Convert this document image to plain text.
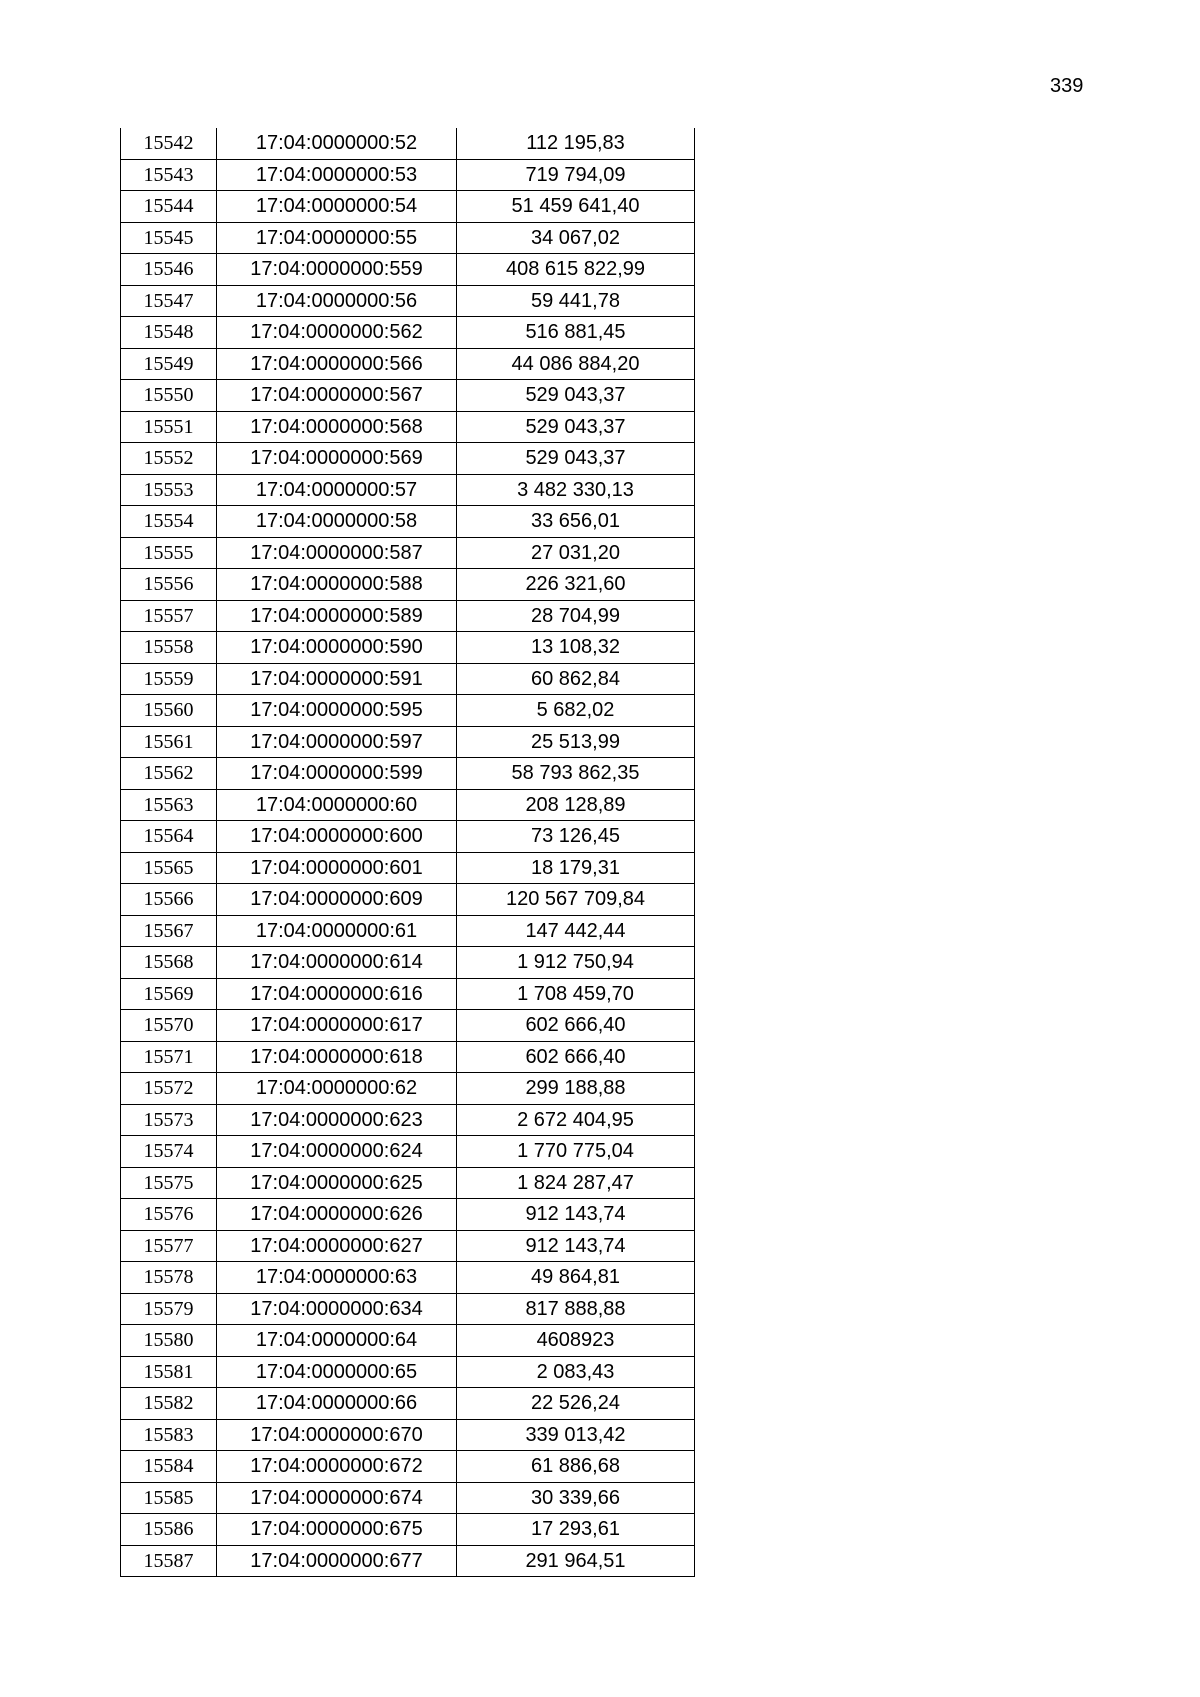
339
15542	17:04:0000000:52	112 195,83
15543	17:04:0000000:53	719 794,09
15544	17:04:0000000:54	51 459 641,40
15545	17:04:0000000:55	34 067,02
15546	17:04:0000000:559	408 615 822,99
15547	17:04:0000000:56	59 441,78
15548	17:04:0000000:562	516 881,45
15549	17:04:0000000:566	44 086 884,20
15550	17:04:0000000:567	529 043,37
15551	17:04:0000000:568	529 043,37
15552	17:04:0000000:569	529 043,37
15553	17:04:0000000:57	3 482 330,13
15554	17:04:0000000:58	33 656,01
15555	17:04:0000000:587	27 031,20
15556	17:04:0000000:588	226 321,60
15557	17:04:0000000:589	28 704,99
15558	17:04:0000000:590	13 108,32
15559	17:04:0000000:591	60 862,84
15560	17:04:0000000:595	5 682,02
15561	17:04:0000000:597	25 513,99
15562	17:04:0000000:599	58 793 862,35
15563	17:04:0000000:60	208 128,89
15564	17:04:0000000:600	73 126,45
15565	17:04:0000000:601	18 179,31
15566	17:04:0000000:609	120 567 709,84
15567	17:04:0000000:61	147 442,44
15568	17:04:0000000:614	1 912 750,94
15569	17:04:0000000:616	1 708 459,70
15570	17:04:0000000:617	602 666,40
15571	17:04:0000000:618	602 666,40
15572	17:04:0000000:62	299 188,88
15573	17:04:0000000:623	2 672 404,95
15574	17:04:0000000:624	1 770 775,04
15575	17:04:0000000:625	1 824 287,47
15576	17:04:0000000:626	912 143,74
15577	17:04:0000000:627	912 143,74
15578	17:04:0000000:63	49 864,81
15579	17:04:0000000:634	817 888,88
15580	17:04:0000000:64	4608923
15581	17:04:0000000:65	2 083,43
15582	17:04:0000000:66	22 526,24
15583	17:04:0000000:670	339 013,42
15584	17:04:0000000:672	61 886,68
15585	17:04:0000000:674	30 339,66
15586	17:04:0000000:675	17 293,61
15587	17:04:0000000:677	291 964,51
